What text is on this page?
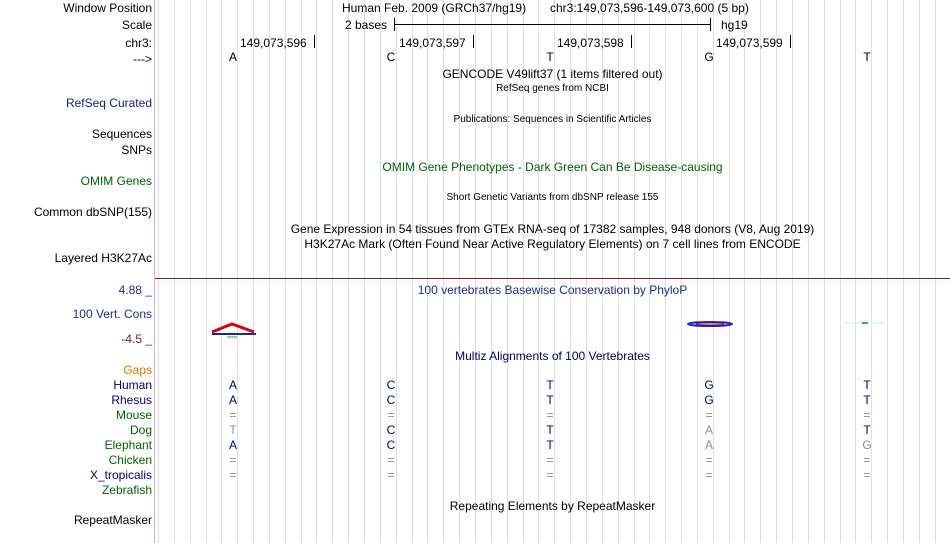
Window Position
Scale
chr3:
--->
Human Feb. 2009 (GRCh37/hg19) chr3:149,073,596-149,073,600 (5 bp)
2 bases	hg19
149,073,596	149,073,597	149,073,598	149,073,599
A	C	T	G	T
GENCODE V49lift37 (1 items filtered out)
RefSeq genes from NCBI
RefSeq Curated
Publications: Sequences in Scientific Articles
Sequences
SNPs
OMIM Gene Phenotypes - Dark Green Can Be Disease-causing
OMIM Genes
Short Genetic Variants from dbSNP release 155
Common dbSNP(155)
Gene Expression in 54 tissues from GTEx RNA-seq of 17382 samples, 948 donors (V8, Aug 2019)
H3K27Ac Mark (Often Found Near Active Regulatory Elements) on 7 cell lines from ENCODE
Layered H3K27Ac
4.88 _	100 vertebrates Basewise Conservation by PhyloP
100 Vert. Cons
-4.5 _
Multiz Alignments of 100 Vertebrates
Gaps
Human	A	C	T	G	T
Rhesus	A	C	T	G	T
Mouse	=	=	=	=	=
Dog	T	C	T	A	T
Elephant	A	C	T	A	G
Chicken	=	=	=	=	=
X_tropicalis	=	=	=	=	=
Zebrafish
Repeating Elements by RepeatMasker
RepeatMasker
